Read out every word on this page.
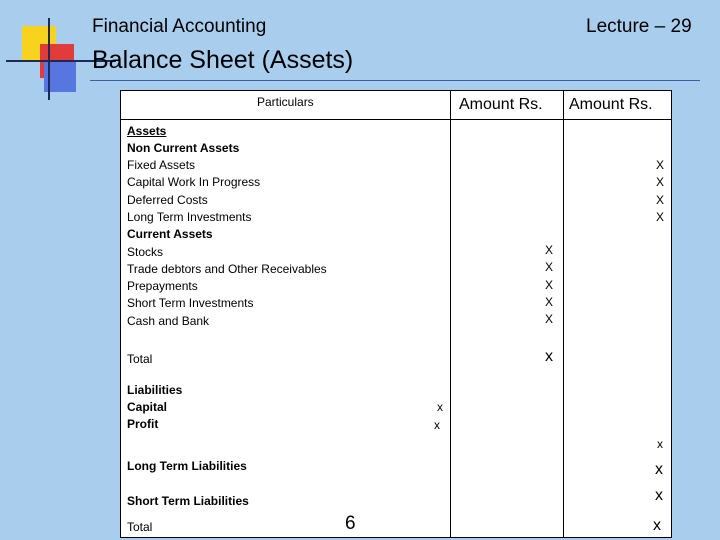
Financial Accounting	Lecture – 29
Balance Sheet (Assets)
Particulars	Amount Rs. Amount Rs.
Assets
Non Current Assets
Fixed Assets
Capital Work In Progress
Deferred Costs
Long Term Investments
Current Assets
Stocks
Trade debtors and Other Receivables
Prepayments
Short Term Investments
Cash and Bank
Total
Liabilities
Capital
Profit
Long Term Liabilities
Short Term Liabilities
Total
X
X
X
X
X
X
X
X
X
x
x
x
x
x
x
x
6
